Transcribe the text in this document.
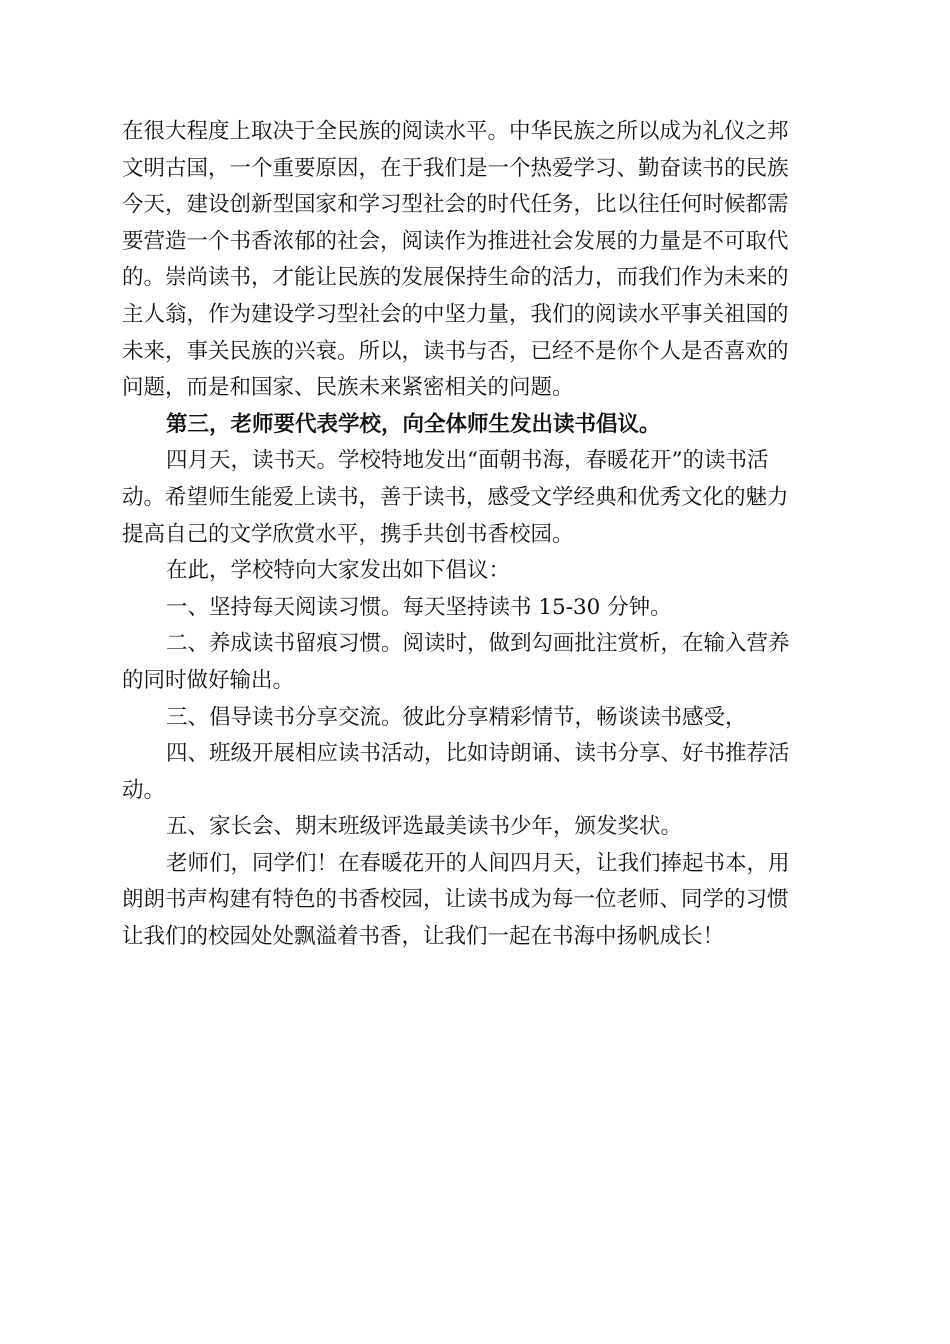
在很大程度上取决于全民族的阅读水平。中华民族之所以成为礼仪之邦
文明古国，一个重要原因，在于我们是一个热爱学习、勤奋读书的民族
今天，建设创新型国家和学习型社会的时代任务，比以往任何时候都需
要营造一个书香浓郁的社会，阅读作为推进社会发展的力量是不可取代
的。崇尚读书，才能让民族的发展保持生命的活力，而我们作为未来的
主人翁，作为建设学习型社会的中坚力量，我们的阅读水平事关祖国的
未来，事关民族的兴衰。所以，读书与否，已经不是你个人是否喜欢的
问题，而是和国家、民族未来紧密相关的问题。
第三，老师要代表学校，向全体师生发出读书倡议。
四月天，读书天。学校特地发出“面朝书海，春暖花开”的读书活
动。希望师生能爱上读书，善于读书，感受文学经典和优秀文化的魅力
提高自己的文学欣赏水平，携手共创书香校园。
在此，学校特向大家发出如下倡议：
一、坚持每天阅读习惯。每天坚持读书 15-30 分钟。
二、养成读书留痕习惯。阅读时，做到勾画批注赏析，在输入营养
的同时做好输出。
三、倡导读书分享交流。彼此分享精彩情节，畅谈读书感受，
四、班级开展相应读书活动，比如诗朗诵、读书分享、好书推荐活
动。
五、家长会、期末班级评选最美读书少年，颁发奖状。
老师们，同学们！在春暖花开的人间四月天，让我们捧起书本，用
朗朗书声构建有特色的书香校园，让读书成为每一位老师、同学的习惯
让我们的校园处处飘溢着书香，让我们一起在书海中扬帆成长！
